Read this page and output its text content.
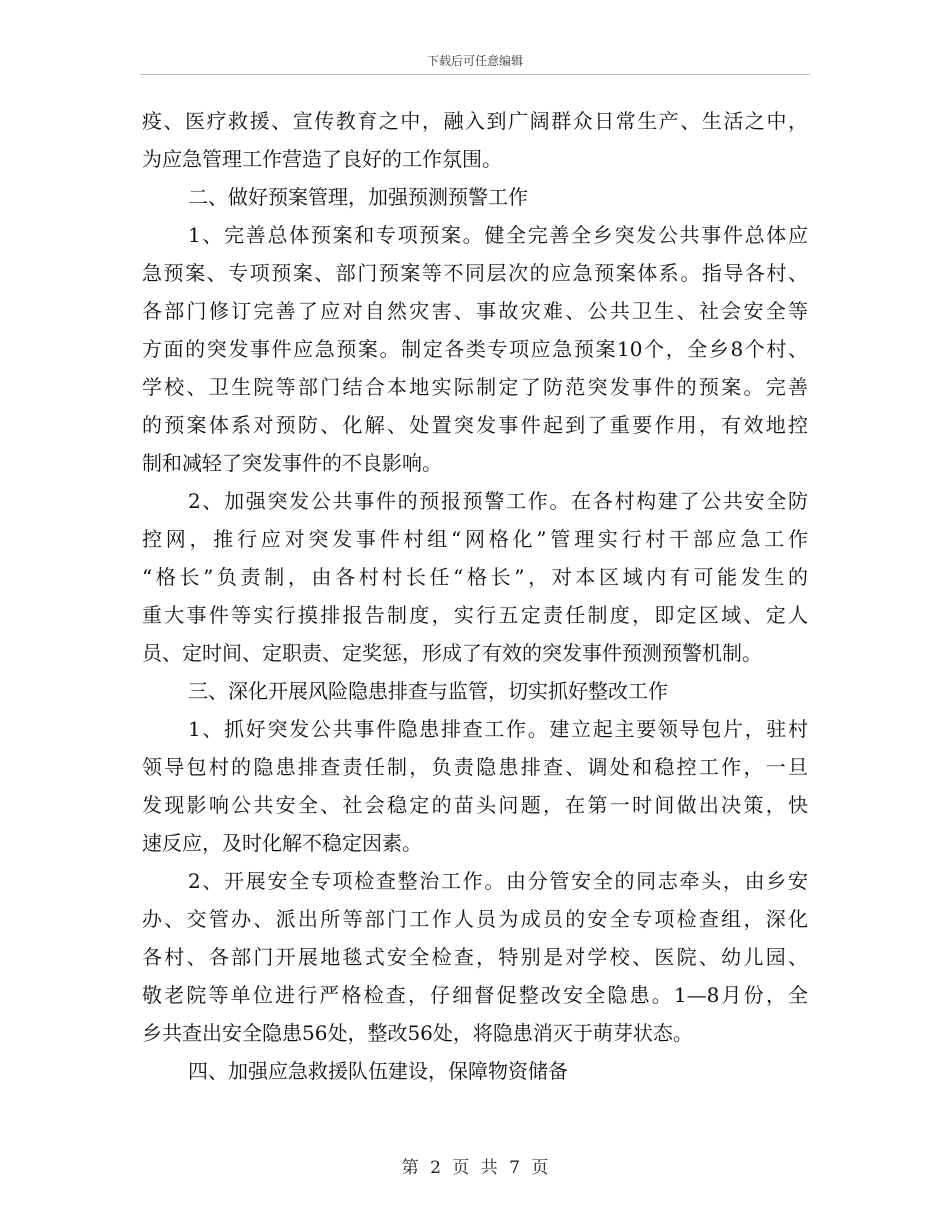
下载后可任意编辑
疫、医疗救援、宣传教育之中，融入到广阔群众日常生产、生活之中，
为应急管理工作营造了良好的工作氛围。
二、做好预案管理，加强预测预警工作
1、完善总体预案和专项预案。健全完善全乡突发公共事件总体应
急预案、专项预案、部门预案等不同层次的应急预案体系。指导各村、
各部门修订完善了应对自然灾害、事故灾难、公共卫生、社会安全等
方面的突发事件应急预案。制定各类专项应急预案10个，全乡8个村、
学校、卫生院等部门结合本地实际制定了防范突发事件的预案。完善
的预案体系对预防、化解、处置突发事件起到了重要作用，有效地控
制和减轻了突发事件的不良影响。
2、加强突发公共事件的预报预警工作。在各村构建了公共安全防
控网，推行应对突发事件村组“网格化”管理实行村干部应急工作
“格长”负责制，由各村村长任“格长”，对本区域内有可能发生的
重大事件等实行摸排报告制度，实行五定责任制度，即定区域、定人
员、定时间、定职责、定奖惩，形成了有效的突发事件预测预警机制。
三、深化开展风险隐患排查与监管，切实抓好整改工作
1、抓好突发公共事件隐患排查工作。建立起主要领导包片，驻村
领导包村的隐患排查责任制，负责隐患排查、调处和稳控工作，一旦
发现影响公共安全、社会稳定的苗头问题，在第一时间做出决策，快
速反应，及时化解不稳定因素。
2、开展安全专项检查整治工作。由分管安全的同志牵头，由乡安
办、交管办、派出所等部门工作人员为成员的安全专项检查组，深化
各村、各部门开展地毯式安全检查，特别是对学校、医院、幼儿园、
敬老院等单位进行严格检查，仔细督促整改安全隐患。1—8月份，全
乡共查出安全隐患56处，整改56处，将隐患消灭于萌芽状态。
四、加强应急救援队伍建设，保障物资储备
第 2 页 共 7 页
